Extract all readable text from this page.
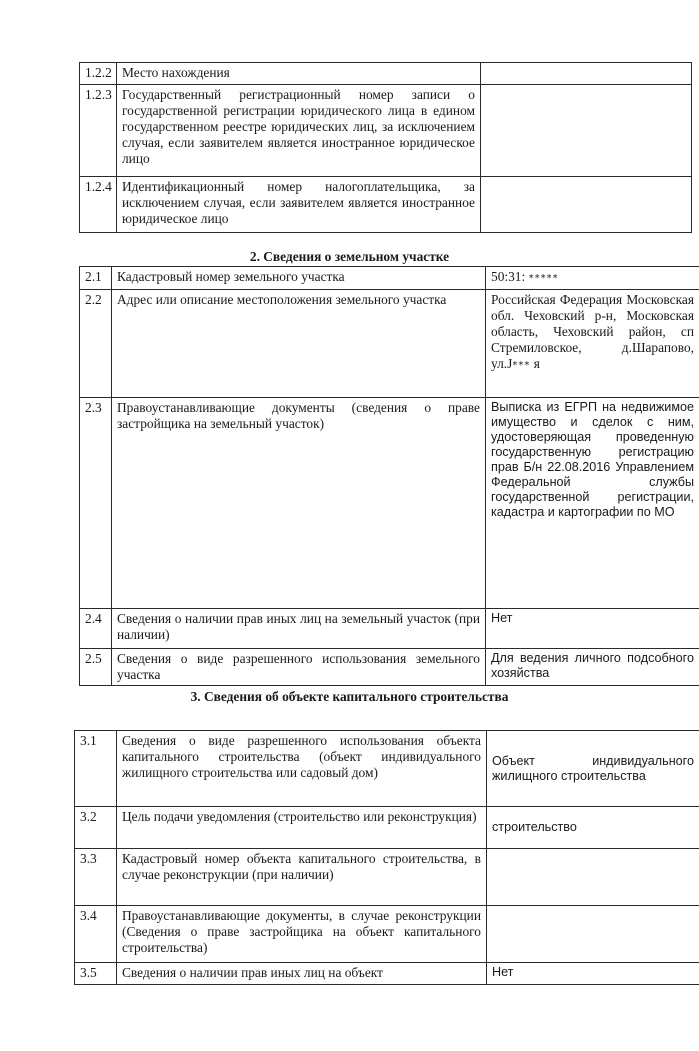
1.2.2	Место нахождения	
1.2.3	Государственный регистрационный номер записи о государственной регистрации юридического лица в едином государственном реестре юридических лиц, за исключением случая, если заявителем является иностранное юридическое лицо	
1.2.4	Идентификационный номер налогоплательщика, за исключением случая, если заявителем является иностранное юридическое лицо	
2. Сведения о земельном участке
2.1	Кадастровый номер земельного участка	50:31: *****
2.2	Адрес или описание местоположения земельного участка	Российская Федерация Московская обл. Чеховский р-н, Московская область, Чеховский район, сп Стремиловское, д.Шарапово, ул.J*** я
2.3	Правоустанавливающие документы (сведения о праве застройщика на земельный участок)	Выписка из ЕГРП на недвижимое имущество и сделок с ним, удостоверяющая проведенную государственную регистрацию прав Б/н 22.08.2016 Управлением Федеральной службы государственной регистрации, кадастра и картографии по МО
2.4	Сведения о наличии прав иных лиц на земельный участок (при наличии)	Нет
2.5	Сведения о виде разрешенного использования земельного участка	Для ведения личного подсобного хозяйства
3. Сведения об объекте капитального строительства
3.1	Сведения о виде разрешенного использования объекта капитального строительства (объект индивидуального жилищного строительства или садовый дом)	Объект индивидуального жилищного строительства
3.2	Цель подачи уведомления (строительство или реконструкция)	строительство
3.3	Кадастровый номер объекта капитального строительства, в случае реконструкции (при наличии)	
3.4	Правоустанавливающие документы, в случае реконструкции (Сведения о праве застройщика на объект капитального строительства)	
3.5	Сведения о наличии прав иных лиц на объект	Нет
